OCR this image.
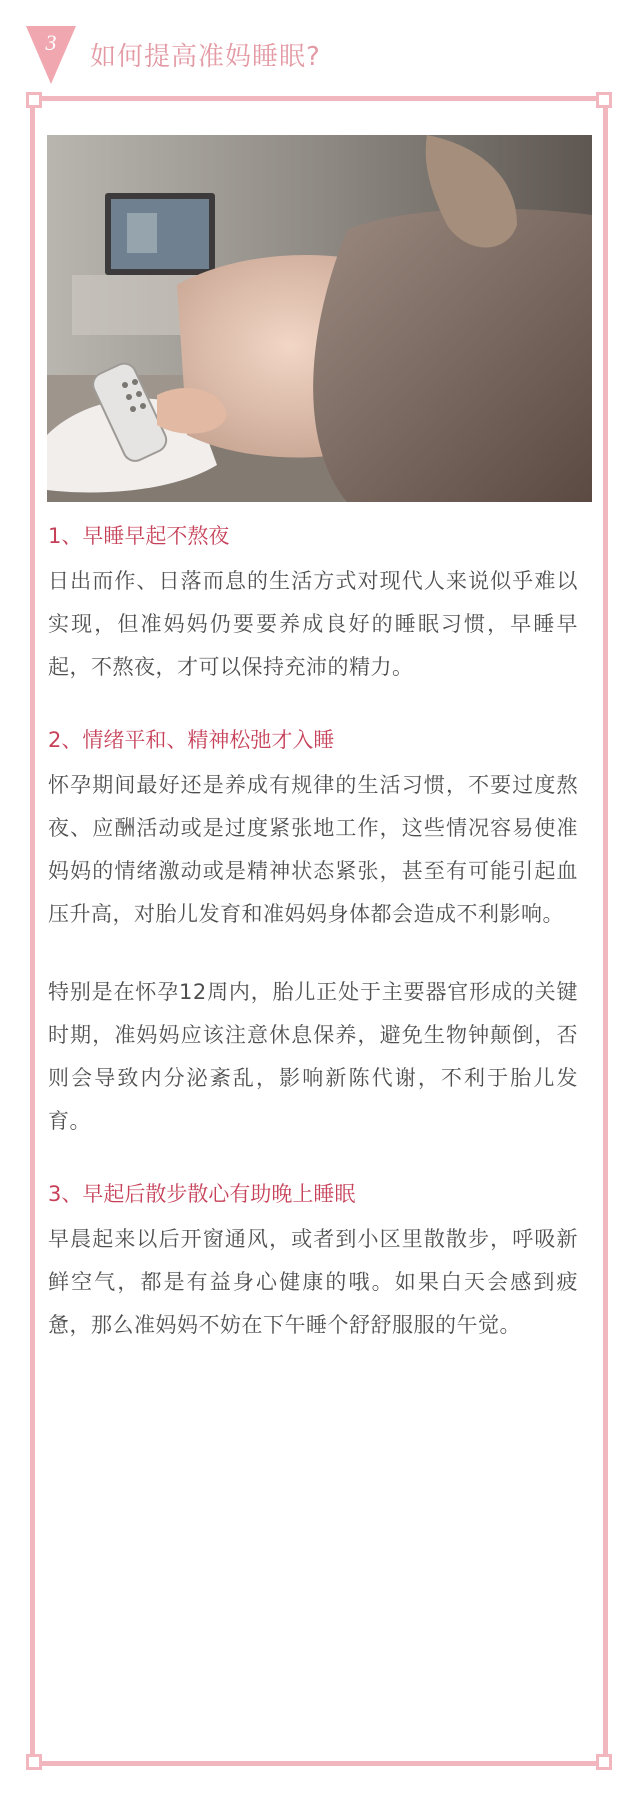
3	如何提高准妈睡眠?

1、早睡早起不熬夜

日出而作、日落而息的生活方式对现代人来说似乎难以实现，但准妈妈仍要要养成良好的睡眠习惯，早睡早起，不熬夜，才可以保持充沛的精力。

2、情绪平和、精神松弛才入睡

怀孕期间最好还是养成有规律的生活习惯，不要过度熬夜、应酬活动或是过度紧张地工作，这些情况容易使准妈妈的情绪激动或是精神状态紧张，甚至有可能引起血压升高，对胎儿发育和准妈妈身体都会造成不利影响。

特别是在怀孕12周内，胎儿正处于主要器官形成的关键时期，准妈妈应该注意休息保养，避免生物钟颠倒，否则会导致内分泌紊乱，影响新陈代谢，不利于胎儿发育。

3、早起后散步散心有助晚上睡眠

早晨起来以后开窗通风，或者到小区里散散步，呼吸新鲜空气，都是有益身心健康的哦。如果白天会感到疲惫，那么准妈妈不妨在下午睡个舒舒服服的午觉。
